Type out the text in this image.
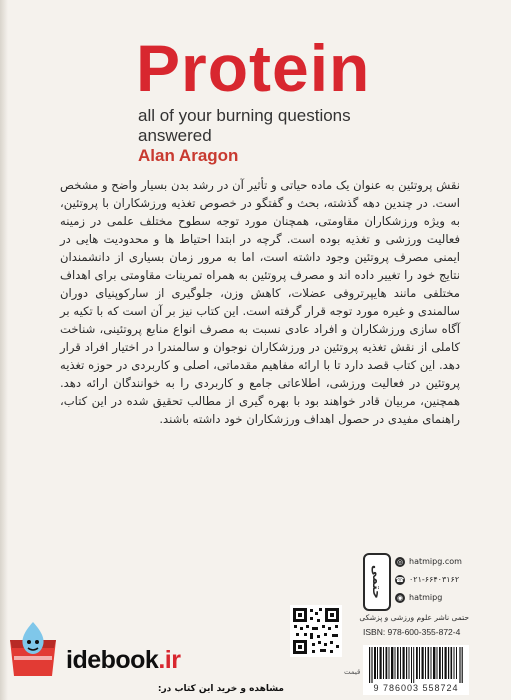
Protein
all of your burning questions answered
Alan Aragon
نقش پروتئین به عنوان یک ماده حیاتی و تأثیر آن در رشد بدن بسیار واضح و مشخص است. در چندین دهه گذشته، بحث و گفتگو در خصوص تغذیه ورزشکاران با پروتئین، به ویژه ورزشکاران مقاومتی، همچنان مورد توجه سطوح مختلف علمی در زمینه فعالیت ورزشی و تغذیه بوده است. گرچه در ابتدا احتیاط ها و محدودیت هایی در ایمنی مصرف پروتئین وجود داشته است، اما به مرور زمان بسیاری از دانشمندان نتایج خود را تغییر داده اند و مصرف پروتئین به همراه تمرینات مقاومتی برای اهداف مختلفی مانند هایپرتروفی عضلات، کاهش وزن، جلوگیری از سارکوپنیای دوران سالمندی و غیره مورد توجه قرار گرفته است. این کتاب نیز بر آن است که با تکیه بر آگاه سازی ورزشکاران و افراد عادی نسبت به مصرف انواع منابع پروتئینی، شناخت کاملی از نقش تغذیه پروتئین در ورزشکاران نوجوان و سالمندرا در اختیار افراد قرار دهد. این کتاب قصد دارد تا با ارائه مفاهیم مقدماتی، اصلی و کاربردی در حوزه تغذیه پروتئین در فعالیت ورزشی، اطلاعاتی جامع و کاربردی را به خوانندگان ارائه دهد. همچنین، مربیان قادر خواهند بود با بهره گیری از مطالب تحقیق شده در این کتاب، راهنمای مفیدی در حصول اهداف ورزشکاران خود داشته باشند.
حتمی
◎ hatmipg.com
☎ ۰۲۱-۶۶۴۰۳۱۶۲
◉ hatmipg
حتمی ناشر علوم ورزشی و پزشکی
ISBN: 978-600-355-872-4
قیمت
9 786003 558724
idebook.ir
مشاهده و خرید این کتاب در:
